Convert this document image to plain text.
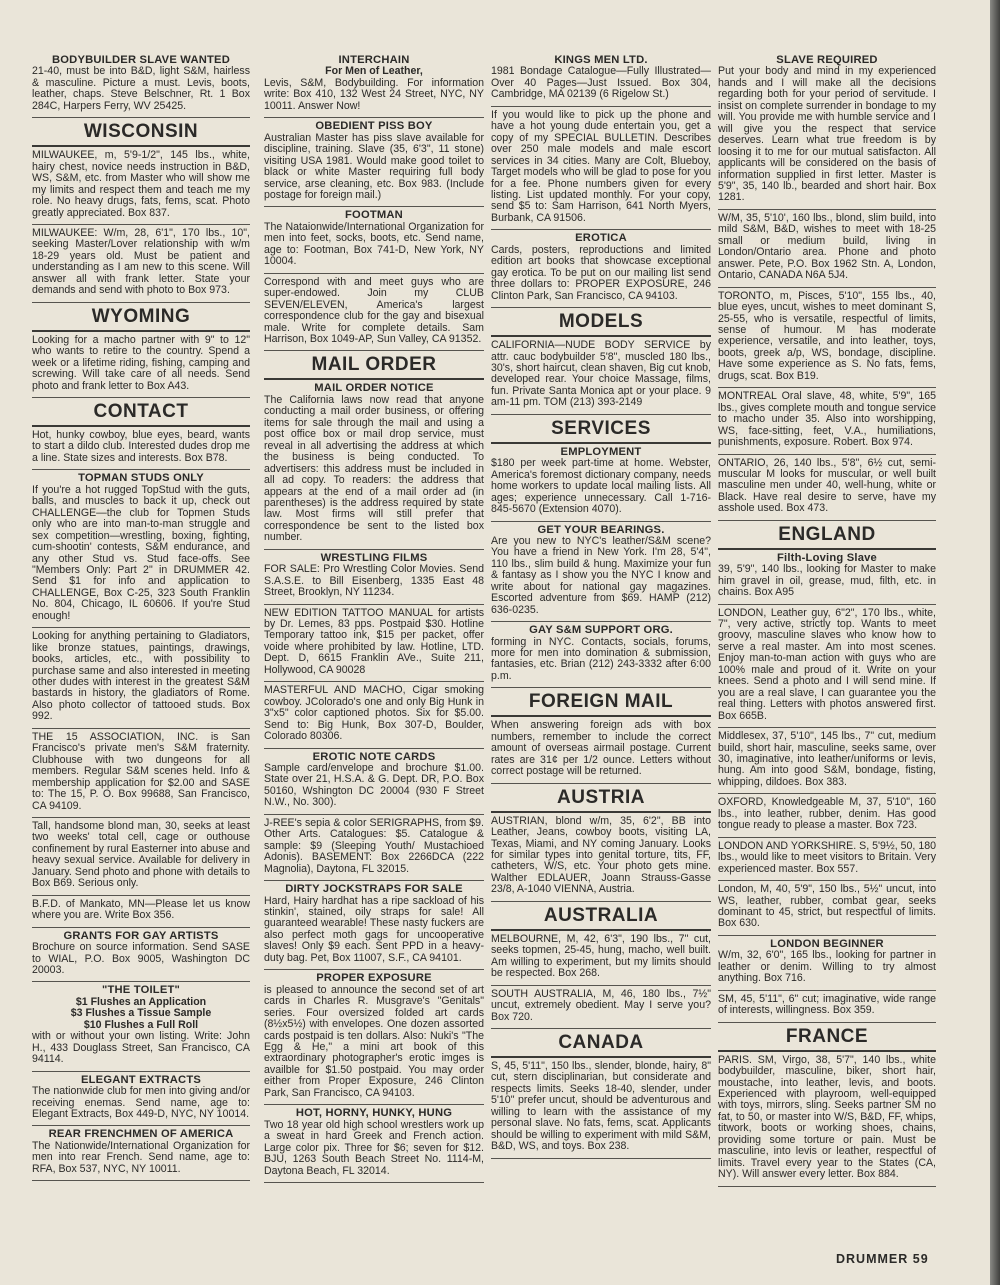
BODYBUILDER SLAVE WANTED
21-40, must be into B&D, light S&M, hairless & masculine. Picture a must. Levis, boots, leather, chaps. Steve Belschner, Rt. 1 Box 284C, Harpers Ferry, WV 25425.
WISCONSIN
MILWAUKEE, m, 5'9-1/2", 145 lbs., white, hairy chest, novice needs instruction in B&D, WS, S&M, etc. from Master who will show me my limits and respect them and teach me my role. No heavy drugs, fats, fems, scat. Photo greatly appreciated. Box 837.
MILWAUKEE: W/m, 28, 6'1", 170 lbs., 10", seeking Master/Lover relationship with w/m 18-29 years old. Must be patient and understanding as I am new to this scene. Will answer all with frank letter. State your demands and send with photo to Box 973.
WYOMING
Looking for a macho partner with 9" to 12" who wants to retire to the country. Spend a week or a lifetime riding, fishing, camping and screwing. Will take care of all needs. Send photo and frank letter to Box A43.
CONTACT
Hot, hunky cowboy, blue eyes, beard, wants to start a dildo club. Interested dudes drop me a line. State sizes and interests. Box B78.
TOPMAN STUDS ONLY
If you're a hot rugged TopStud with the guts, balls, and muscles to back it up, check out CHALLENGE—the club for Topmen Studs only who are into man-to-man struggle and sex competition—wrestling, boxing, fighting, cum-shootin' contests, S&M endurance, and any other Stud vs. Stud face-offs. See "Members Only: Part 2" in DRUMMER 42. Send $1 for info and application to CHALLENGE, Box C-25, 323 South Franklin No. 804, Chicago, IL 60606. If you're Stud enough!
Looking for anything pertaining to Gladiators, like bronze statues, paintings, drawings, books, articles, etc., with possibility to purchase same and also interested in meeting other dudes with interest in the greatest S&M bastards in history, the gladiators of Rome. Also photo collector of tattooed studs. Box 992.
THE 15 ASSOCIATION, INC. is San Francisco's private men's S&M fraternity. Clubhouse with two dungeons for all members. Regular S&M scenes held. Info & membership application for $2.00 and SASE to: The 15, P. O. Box 99688, San Francisco, CA 94109.
Tall, handsome blond man, 30, seeks at least two weeks' total cell, cage or outhouse confinement by rural Easterner into abuse and heavy sexual service. Available for delivery in January. Send photo and phone with details to Box B69. Serious only.
B.F.D. of Mankato, MN—Please let us know where you are. Write Box 356.
GRANTS FOR GAY ARTISTS
Brochure on source information. Send SASE to WIAL, P.O. Box 9005, Washington DC 20003.
"THE TOILET"
$1 Flushes an Application
$3 Flushes a Tissue Sample
$10 Flushes a Full Roll
with or without your own listing. Write: John H., 433 Douglass Street, San Francisco, CA 94114.
ELEGANT EXTRACTS
The nationwide club for men into giving and/or receiving enemas. Send name, age to: Elegant Extracts, Box 449-D, NYC, NY 10014.
REAR FRENCHMEN OF AMERICA
The Nationwide/International Organization for men into rear French. Send name, age to: RFA, Box 537, NYC, NY 10011.
INTERCHAIN
For Men of Leather,
Levis, S&M, Bodybuilding. For information write: Box 410, 132 West 24 Street, NYC, NY 10011. Answer Now!
OBEDIENT PISS BOY
Australian Master has piss slave available for discipline, training. Slave (35, 6'3", 11 stone) visiting USA 1981. Would make good toilet to black or white Master requiring full body service, arse cleaning, etc. Box 983. (Include postage for foreign mail.)
FOOTMAN
The Nataionwide/International Organization for men into feet, socks, boots, etc. Send name, age to: Footman, Box 741-D, New York, NY 10004.
Correspond with and meet guys who are super-endowed. Join my CLUB SEVEN/ELEVEN, America's largest correspondence club for the gay and bisexual male. Write for complete details. Sam Harrison, Box 1049-AP, Sun Valley, CA 91352.
MAIL ORDER
MAIL ORDER NOTICE
The California laws now read that anyone conducting a mail order business, or offering items for sale through the mail and using a post office box or mail drop service, must reveal in all advertising the address at which the business is being conducted. To advertisers: this address must be included in all ad copy. To readers: the address that appears at the end of a mail order ad (in parentheses) is the address required by state law. Most firms will still prefer that correspondence be sent to the listed box number.
WRESTLING FILMS
FOR SALE: Pro Wrestling Color Movies. Send S.A.S.E. to Bill Eisenberg, 1335 East 48 Street, Brooklyn, NY 11234.
NEW EDITION TATTOO MANUAL for artists by Dr. Lemes, 83 pps. Postpaid $30. Hotline Temporary tattoo ink, $15 per packet, offer voide where prohibited by law. Hotline, LTD. Dept. D, 6615 Franklin AVe., Suite 211, Hollywood, CA 90028
MASTERFUL AND MACHO, Cigar smoking cowboy. JColorado's one and only Big Hunk in 3"x5" color captioned photos. Six for $5.00. Send to: Big Hunk, Box 307-D, Boulder, Colorado 80306.
EROTIC NOTE CARDS
Sample card/envelope and brochure $1.00. State over 21, H.S.A. & G. Dept. DR, P.O. Box 50160, Wshington DC 20004 (930 F Street N.W., No. 300).
J-REE's sepia & color SERIGRAPHS, from $9. Other Arts. Catalogues: $5. Catalogue & sample: $9 (Sleeping Youth/ Mustachioed Adonis). BASEMENT: Box 2266DCA (222 Magnolia), Daytona, FL 32015.
DIRTY JOCKSTRAPS FOR SALE
Hard, Hairy hardhat has a ripe sackload of his stinkin', stained, oily straps for sale! All guaranteed wearable! These nasty fuckers are also perfect moth gags for uncooperative slaves! Only $9 each. Sent PPD in a heavy-duty bag. Pet, Box 11007, S.F., CA 94101.
PROPER EXPOSURE
is pleased to announce the second set of art cards in Charles R. Musgrave's "Genitals" series. Four oversized folded art cards (8½x5½) with envelopes. One dozen assorted cards postpaid is ten dollars. Also: Nuki's "The Egg & He," a mini art book of this extraordinary photographer's erotic imges is availble for $1.50 postpaid. You may order either from Proper Exposure, 246 Clinton Park, San Francisco, CA 94103.
HOT, HORNY, HUNKY, HUNG
Two 18 year old high school wrestlers work up a sweat in hard Greek and French action. Large color pix. Three for $6; seven for $12. BJU, 1263 South Beach Street No. 1114-M, Daytona Beach, FL 32014.
KINGS MEN LTD.
1981 Bondage Catalogue—Fully Illustrated—Over 40 Pages—Just Issued. Box 304, Cambridge, MA 02139 (6 Rigelow St.)
If you would like to pick up the phone and have a hot young dude entertain you, get a copy of my SPECIAL BULLETIN. Describes over 250 male models and male escort services in 34 cities. Many are Colt, Blueboy, Target models who will be glad to pose for you for a fee. Phone numbers given for every listing. List updated monthly. For your copy, send $5 to: Sam Harrison, 641 North Myers, Burbank, CA 91506.
EROTICA
Cards, posters, reproductions and limited edition art books that showcase exceptional gay erotica. To be put on our mailing list send three dollars to: PROPER EXPOSURE, 246 Clinton Park, San Francisco, CA 94103.
MODELS
CALIFORNIA—NUDE BODY SERVICE by attr. cauc bodybuilder 5'8", muscled 180 lbs., 30's, short haircut, clean shaven, Big cut knob, developed rear. Your choice Massage, films, fun. Private Santa Monica apt or your place. 9 am-11 pm. TOM (213) 393-2149
SERVICES
EMPLOYMENT
$180 per week part-time at home. Webster, America's foremost dictionary company, needs home workers to update local mailing lists. All ages; experience unnecessary. Call 1-716-845-5670 (Extension 4070).
GET YOUR BEARINGS.
Are you new to NYC's leather/S&M scene? You have a friend in New York. I'm 28, 5'4", 110 lbs., slim build & hung. Maximize your fun & fantasy as I show you the NYC I know and write about for national gay magazines. Escorted adventure from $69. HAMP (212) 636-0235.
GAY S&M SUPPORT ORG.
forming in NYC. Contacts, socials, forums, more for men into domination & submission, fantasies, etc. Brian (212) 243-3332 after 6:00 p.m.
FOREIGN MAIL
When answering foreign ads with box numbers, remember to include the correct amount of overseas airmail postage. Current rates are 31¢ per 1/2 ounce. Letters without correct postage will be returned.
AUSTRIA
AUSTRIAN, blond w/m, 35, 6'2", BB into Leather, Jeans, cowboy boots, visiting LA, Texas, Miami, and NY coming January. Looks for similar types into genital torture, tits, FF, catheters, W/S, etc. Your photo gets mine. Walther EDLAUER, Joann Strauss-Gasse 23/8, A-1040 VIENNA, Austria.
AUSTRALIA
MELBOURNE, M, 42, 6'3", 190 lbs., 7" cut, seeks topmen, 25-45, hung, macho, well built. Am willing to experiment, but my limits should be respected. Box 268.
SOUTH AUSTRALIA, M, 46, 180 lbs., 7½" uncut, extremely obedient. May I serve you? Box 720.
CANADA
S, 45, 5'11", 150 lbs., slender, blonde, hairy, 8" cut, stern disciplinarian, but considerate and respects limits. Seeks 18-40, slender, under 5'10" prefer uncut, should be adventurous and willing to learn with the assistance of my personal slave. No fats, fems, scat. Applicants should be willing to experiment with mild S&M, B&D, WS, and toys. Box 238.
SLAVE REQUIRED
Put your body and mind in my experienced hands and I will make all the decisions regarding both for your period of servitude. I insist on complete surrender in bondage to my will. You provide me with humble service and I will give you the respect that service deserves. Learn what true freedom is by loosing it to me for our mutual satisfacton. All applicants will be considered on the basis of information supplied in first letter. Master is 5'9", 35, 140 lb., bearded and short hair. Box 1281.
W/M, 35, 5'10', 160 lbs., blond, slim build, into mild S&M, B&D, wishes to meet with 18-25 small or medium build, living in London/Ontario area. Phone and photo answer. Pete, P.O. Box 1962 Stn. A, London, Ontario, CANADA N6A 5J4.
TORONTO, m, Pisces, 5'10", 155 lbs., 40, blue eyes, uncut, wishes to meet dominant S, 25-55, who is versatile, respectful of limits, sense of humour. M has moderate experience, versatile, and into leather, toys, boots, greek a/p, WS, bondage, discipline. Have some experience as S. No fats, fems, drugs, scat. Box B19.
MONTREAL Oral slave, 48, white, 5'9", 165 lbs., gives complete mouth and tongue service to macho under 35. Also into worshipping, WS, face-sitting, feet, V.A., humiliations, punishments, exposure. Robert. Box 974.
ONTARIO, 26, 140 lbs., 5'8", 6½ cut, semi-muscular M looks for muscular, or well built masculine men under 40, well-hung, white or Black. Have real desire to serve, have my asshole used. Box 473.
ENGLAND
Filth-Loving Slave
39, 5'9", 140 lbs., looking for Master to make him gravel in oil, grease, mud, filth, etc. in chains. Box A95
LONDON, Leather guy, 6"2", 170 lbs., white, 7", very active, strictly top. Wants to meet groovy, masculine slaves who know how to serve a real master. Am into most scenes. Enjoy man-to-man action with guys who are 100% male and proud of it. Write on your knees. Send a photo and I will send mine. If you are a real slave, I can guarantee you the real thing. Letters with photos answered first. Box 665B.
Middlesex, 37, 5'10", 145 lbs., 7" cut, medium build, short hair, masculine, seeks same, over 30, imaginative, into leather/uniforms or levis, hung. Am into good S&M, bondage, fisting, whipping, dildoes. Box 383.
OXFORD, Knowledgeable M, 37, 5'10", 160 lbs., into leather, rubber, denim. Has good tongue ready to please a master. Box 723.
LONDON AND YORKSHIRE. S, 5'9½, 50, 180 lbs., would like to meet visitors to Britain. Very experienced master. Box 557.
London, M, 40, 5'9", 150 lbs., 5½" uncut, into WS, leather, rubber, combat gear, seeks dominant to 45, strict, but respectful of limits. Box 630.
LONDON BEGINNER
W/m, 32, 6'0", 165 lbs., looking for partner in leather or denim. Willing to try almost anything. Box 716.
SM, 45, 5'11", 6" cut; imaginative, wide range of interests, willingness. Box 359.
FRANCE
PARIS. SM, Virgo, 38, 5'7", 140 lbs., white bodybuilder, masculine, biker, short hair, moustache, into leather, levis, and boots. Experienced with playroom, well-equipped with toys, mirrors, sling. Seeks partner SM no fat, to 50, or master into W/S, B&D, FF, whips, titwork, boots or working shoes, chains, providing some torture or pain. Must be masculine, into levis or leather, respectful of limits. Travel every year to the States (CA, NY). Will answer every letter. Box 884.
DRUMMER 59
